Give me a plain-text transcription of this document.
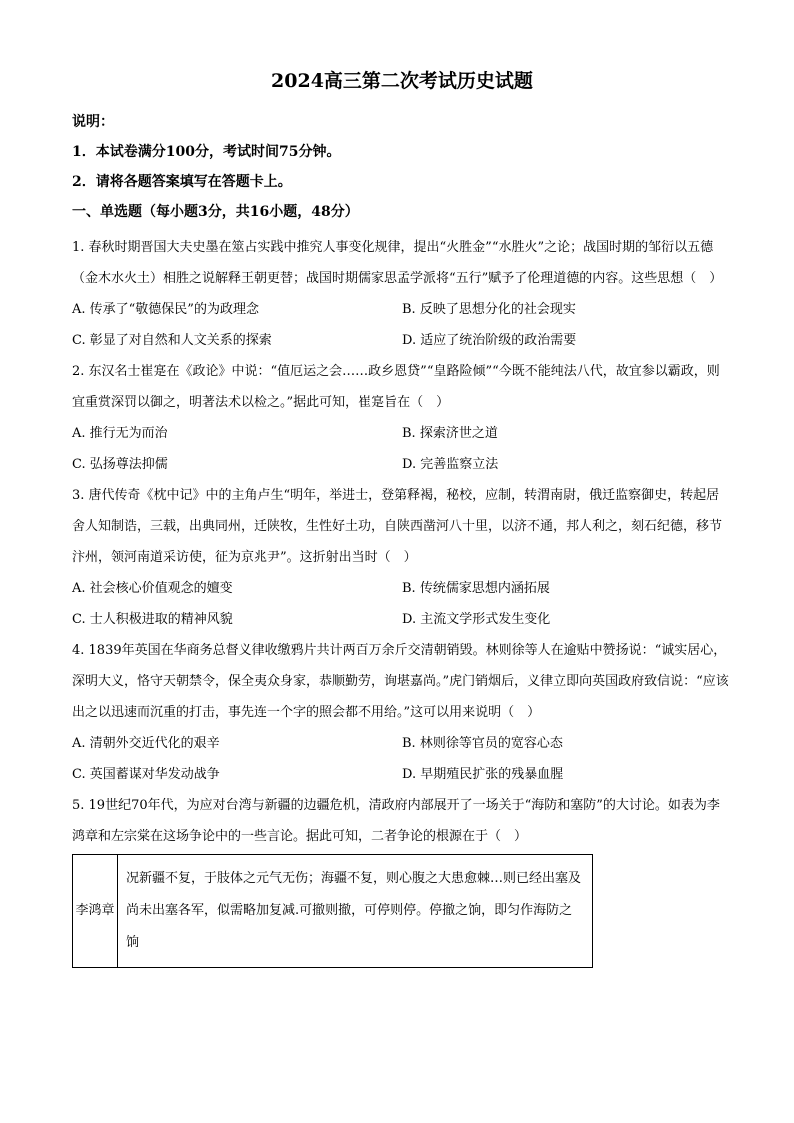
2024高三第二次考试历史试题
说明：
1．本试卷满分100分，考试时间75分钟。
2．请将各题答案填写在答题卡上。
一、单选题（每小题3分，共16小题，48分）

1. 春秋时期晋国大夫史墨在筮占实践中推究人事变化规律，提出“火胜金”“水胜火”之论；战国时期的邹衍以五德（金木水火土）相胜之说解释王朝更替；战国时期儒家思孟学派将“五行”赋予了伦理道德的内容。这些思想（　）

A. 传承了“敬德保民”的为政理念	B. 反映了思想分化的社会现实
C. 彰显了对自然和人文关系的探索	D. 适应了统治阶级的政治需要

2. 东汉名士崔寔在《政论》中说：“值厄运之会……政乡恩贷”“皇路险倾”“今既不能纯法八代，故宜参以霸政，则宜重赏深罚以御之，明著法术以检之。”据此可知，崔寔旨在（　）

A. 推行无为而治	B. 探索济世之道
C. 弘扬尊法抑儒	D. 完善监察立法

3. 唐代传奇《枕中记》中的主角卢生“明年，举进士，登第释褐，秘校，应制，转渭南尉，俄迁监察御史，转起居舍人知制诰，三载，出典同州，迁陕牧，生性好土功，自陕西凿河八十里，以济不通，邦人利之，刻石纪德，移节汴州，领河南道采访使，征为京兆尹”。这折射出当时（　）

A. 社会核心价值观念的嬗变	B. 传统儒家思想内涵拓展
C. 士人积极进取的精神风貌	D. 主流文学形式发生变化

4. 1839年英国在华商务总督义律收缴鸦片共计两百万余斤交清朝销毁。林则徐等人在逾贴中赞扬说：“诚实居心，深明大义，恪守天朝禁令，保全夷众身家，恭顺勤劳，询堪嘉尚。”虎门销烟后，义律立即向英国政府致信说：“应该出之以迅速而沉重的打击，事先连一个字的照会都不用给。”这可以用来说明（　）

A. 清朝外交近代化的艰辛	B. 林则徐等官员的宽容心态
C. 英国蓄谋对华发动战争	D. 早期殖民扩张的残暴血腥

5. 19世纪70年代，为应对台湾与新疆的边疆危机，清政府内部展开了一场关于“海防和塞防”的大讨论。如表为李鸿章和左宗棠在这场争论中的一些言论。据此可知，二者争论的根源在于（　）

李鸿章	况新疆不复，于肢体之元气无伤；海疆不复，则心腹之大患愈棘…则已经出塞及尚未出塞各军，似需略加复减.可撤则撤，可停则停。停撤之饷，即匀作海防之饷
